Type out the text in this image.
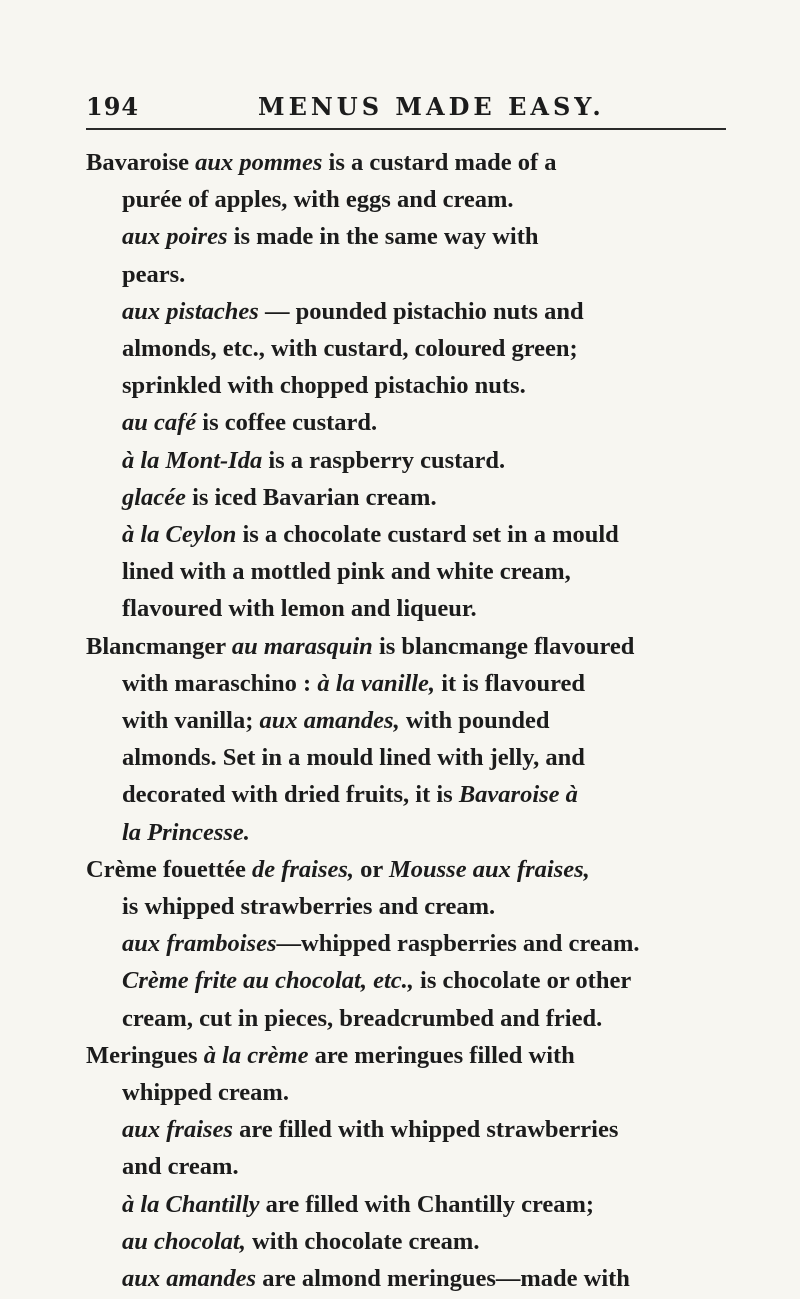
194	MENUS MADE EASY.
Bavaroise aux pommes is a custard made of a
purée of apples, with eggs and cream.
aux poires is made in the same way with
pears.
aux pistaches — pounded pistachio nuts and
almonds, etc., with custard, coloured green;
sprinkled with chopped pistachio nuts.
au café is coffee custard.
à la Mont-Ida is a raspberry custard.
glacée is iced Bavarian cream.
à la Ceylon is a chocolate custard set in a mould
lined with a mottled pink and white cream,
flavoured with lemon and liqueur.
Blancmanger au marasquin is blancmange flavoured
with maraschino : à la vanille, it is flavoured
with vanilla; aux amandes, with pounded
almonds. Set in a mould lined with jelly, and
decorated with dried fruits, it is Bavaroise à
la Princesse.
Crème fouettée de fraises, or Mousse aux fraises,
is whipped strawberries and cream.
aux framboises—whipped raspberries and cream.
Crème frite au chocolat, etc., is chocolate or other
cream, cut in pieces, breadcrumbed and fried.
Meringues à la crème are meringues filled with
whipped cream.
aux fraises are filled with whipped strawberries
and cream.
à la Chantilly are filled with Chantilly cream;
au chocolat, with chocolate cream.
aux amandes are almond meringues—made with
